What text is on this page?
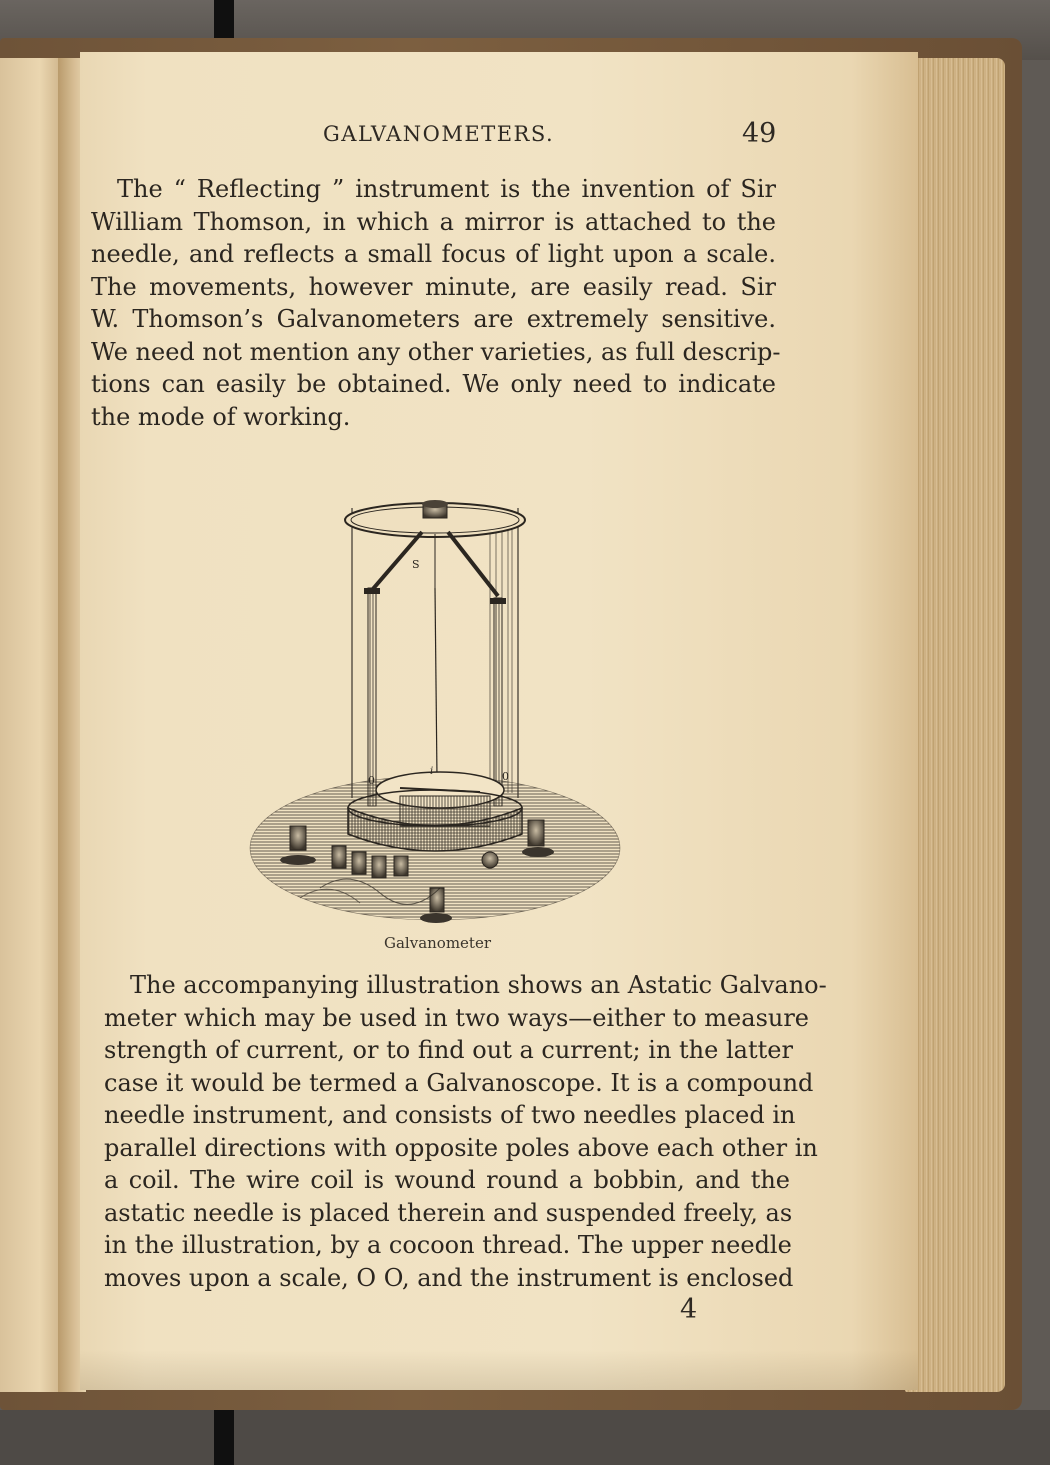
GALVANOMETERS.	49
The “ Reflecting ” instrument is the invention of Sir
William Thomson, in which a mirror is attached to the
needle, and reflects a small focus of light upon a scale.
The movements, however minute, are easily read. Sir
W. Thomson’s Galvanometers are extremely sensitive.
We need not mention any other varieties, as full descrip-
tions can easily be obtained. We only need to indicate
the mode of working.
S
0	0
i
Galvanometer
The accompanying illustration shows an Astatic Galvano-
meter which may be used in two ways—either to measure
strength of current, or to find out a current; in the latter
case it would be termed a Galvanoscope. It is a compound
needle instrument, and consists of two needles placed in
parallel directions with opposite poles above each other in
a coil. The wire coil is wound round a bobbin, and the
astatic needle is placed therein and suspended freely, as
in the illustration, by a cocoon thread. The upper needle
moves upon a scale, O O, and the instrument is enclosed
4
